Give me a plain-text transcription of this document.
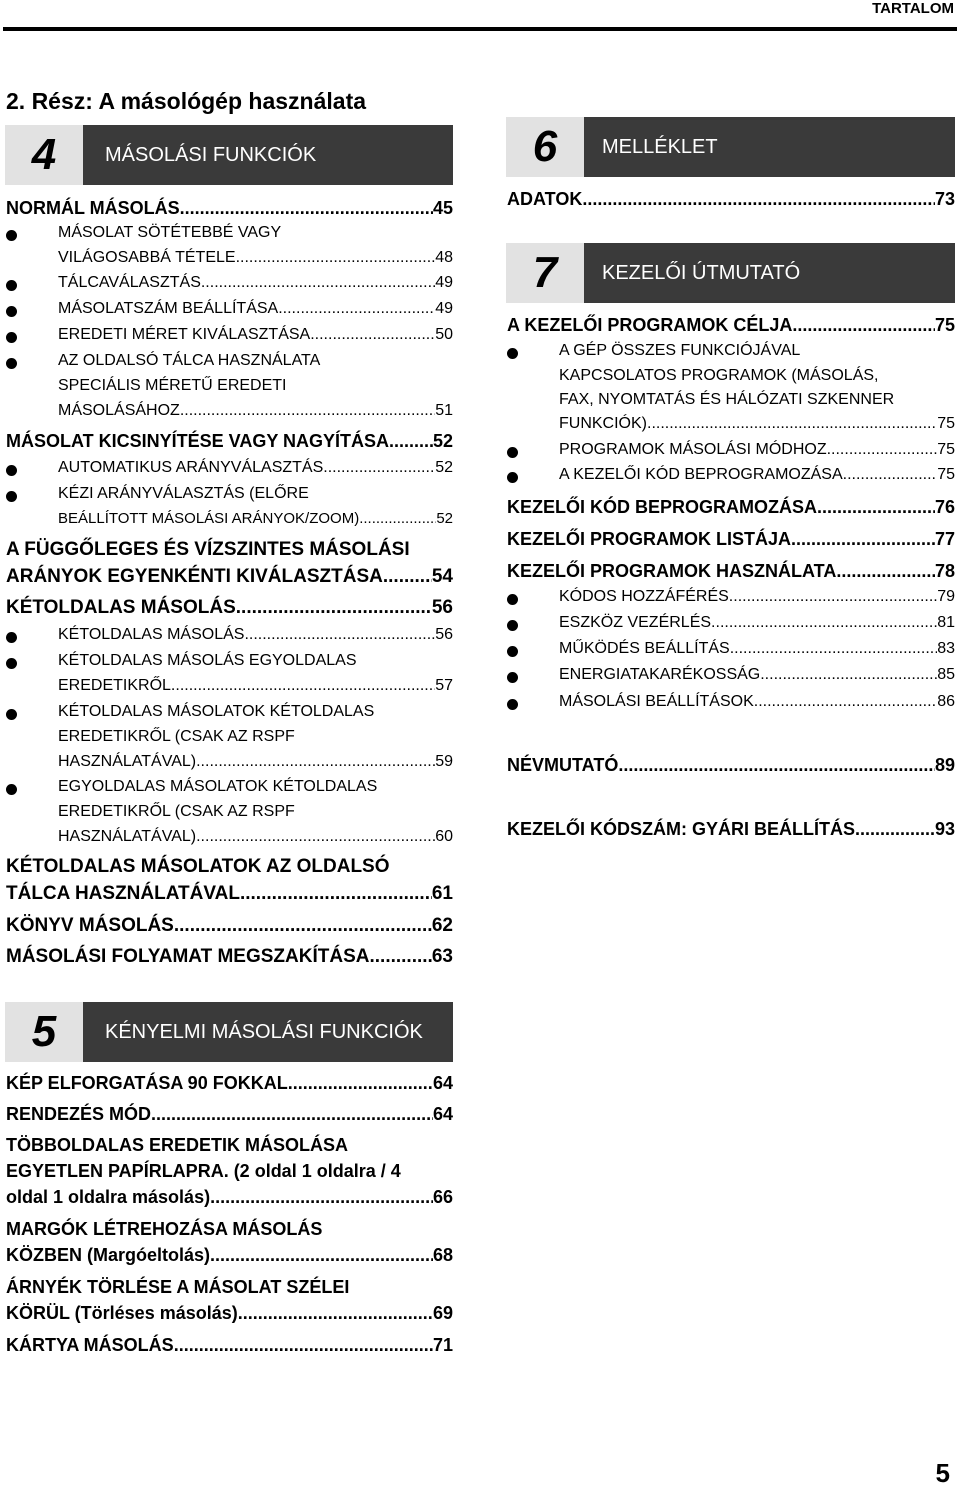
TARTALOM
2. Rész: A másológép használata
4	MÁSOLÁSI FUNKCIÓK
NORMÁL MÁSOLÁS .....	45
MÁSOLAT SÖTÉTEBBÉ VAGY
VILÁGOSABBÁ TÉTELE .....	48
TÁLCAVÁLASZTÁS .....	49
MÁSOLATSZÁM BEÁLLÍTÁSA .....	49
EREDETI MÉRET KIVÁLASZTÁSA .....	50
AZ OLDALSÓ TÁLCA HASZNÁLATA
SPECIÁLIS MÉRETŰ EREDETI
MÁSOLÁSÁHOZ .....	51
MÁSOLAT KICSINYÍTÉSE VAGY NAGYÍTÁSA ..... 52
AUTOMATIKUS ARÁNYVÁLASZTÁS .....	52
KÉZI ARÁNYVÁLASZTÁS (ELŐRE
BEÁLLÍTOTT MÁSOLÁSI ARÁNYOK/ZOOM) .....	52
A FÜGGŐLEGES ÉS VÍZSZINTES MÁSOLÁSI
ARÁNYOK EGYENKÉNTI KIVÁLASZTÁSA .....	54
KÉTOLDALAS MÁSOLÁS .....	56
KÉTOLDALAS MÁSOLÁS .....	56
KÉTOLDALAS MÁSOLÁS EGYOLDALAS
EREDETIKRŐL .....	57
KÉTOLDALAS MÁSOLATOK KÉTOLDALAS
EREDETIKRŐL (CSAK AZ RSPF
HASZNÁLATÁVAL) .....	59
EGYOLDALAS MÁSOLATOK KÉTOLDALAS
EREDETIKRŐL (CSAK AZ RSPF
HASZNÁLATÁVAL) .....	60
KÉTOLDALAS MÁSOLATOK AZ OLDALSÓ
TÁLCA HASZNÁLATÁVAL .....	61
KÖNYV MÁSOLÁS .....	62
MÁSOLÁSI FOLYAMAT MEGSZAKÍTÁSA .....	63
5	KÉNYELMI MÁSOLÁSI FUNKCIÓK
KÉP ELFORGATÁSA 90 FOKKAL .....	64
RENDEZÉS MÓD .....	64
TÖBBOLDALAS EREDETIK MÁSOLÁSA
EGYETLEN PAPÍRLAPRA. (2 oldal 1 oldalra / 4
oldal 1 oldalra másolás) .....	66
MARGÓK LÉTREHOZÁSA MÁSOLÁS
KÖZBEN (Margóeltolás) .....	68
ÁRNYÉK TÖRLÉSE A MÁSOLAT SZÉLEI
KÖRÜL (Törléses másolás) .....	69
KÁRTYA MÁSOLÁS .....	71
6	MELLÉKLET
ADATOK .....	73
7	KEZELŐI ÚTMUTATÓ
A KEZELŐI PROGRAMOK CÉLJA .....	75
A GÉP ÖSSZES FUNKCIÓJÁVAL
KAPCSOLATOS PROGRAMOK (MÁSOLÁS,
FAX, NYOMTATÁS ÉS HÁLÓZATI SZKENNER
FUNKCIÓK) .....	75
PROGRAMOK MÁSOLÁSI MÓDHOZ .....	75
A KEZELŐI KÓD BEPROGRAMOZÁSA .....	75
KEZELŐI KÓD BEPROGRAMOZÁSA .....	76
KEZELŐI PROGRAMOK LISTÁJA .....	77
KEZELŐI PROGRAMOK HASZNÁLATA .....	78
KÓDOS HOZZÁFÉRÉS .....	79
ESZKÖZ VEZÉRLÉS .....	81
MŰKÖDÉS BEÁLLÍTÁS .....	83
ENERGIATAKARÉKOSSÁG .....	85
MÁSOLÁSI BEÁLLÍTÁSOK .....	86
NÉVMUTATÓ .....	89
KEZELŐI KÓDSZÁM: GYÁRI BEÁLLÍTÁS .....	93
5
